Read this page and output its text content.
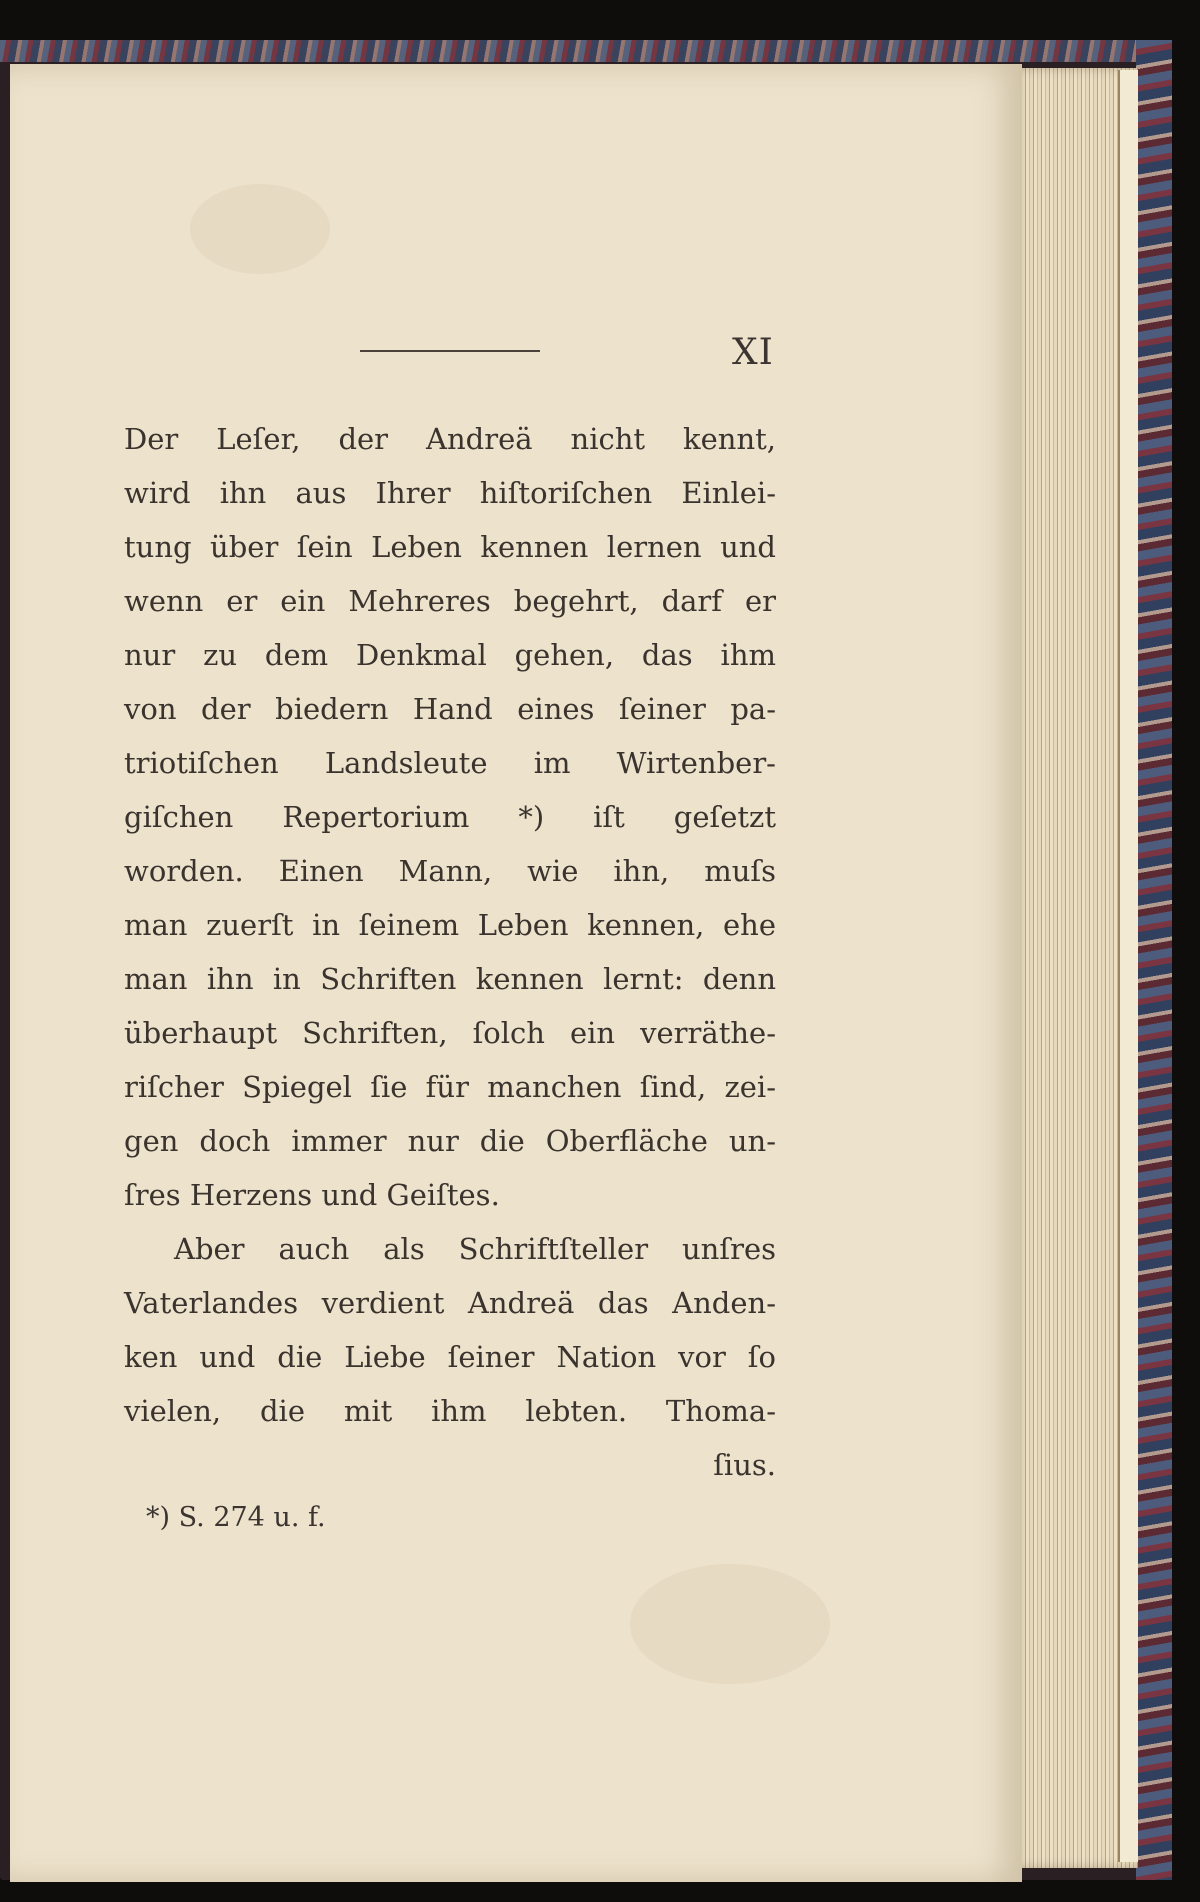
XI
Der Leſer, der Andreä nicht kennt,
wird ihn aus Ihrer hiſtoriſchen Einlei-
tung über ſein Leben kennen lernen und
wenn er ein Mehreres begehrt, darf er
nur zu dem Denkmal gehen, das ihm
von der biedern Hand eines ſeiner pa-
triotiſchen Landsleute im Wirtenber-
giſchen Repertorium *) iſt geſetzt
worden. Einen Mann, wie ihn, muſs
man zuerſt in ſeinem Leben kennen, ehe
man ihn in Schriften kennen lernt: denn
überhaupt Schriften, ſolch ein verräthe-
riſcher Spiegel ſie für manchen ſind, zei-
gen doch immer nur die Oberfläche un-
ſres Herzens und Geiſtes.
Aber auch als Schriftſteller unſres
Vaterlandes verdient Andreä das Anden-
ken und die Liebe ſeiner Nation vor ſo
vielen, die mit ihm lebten. Thoma-
ſius.
*) S. 274 u. f.
